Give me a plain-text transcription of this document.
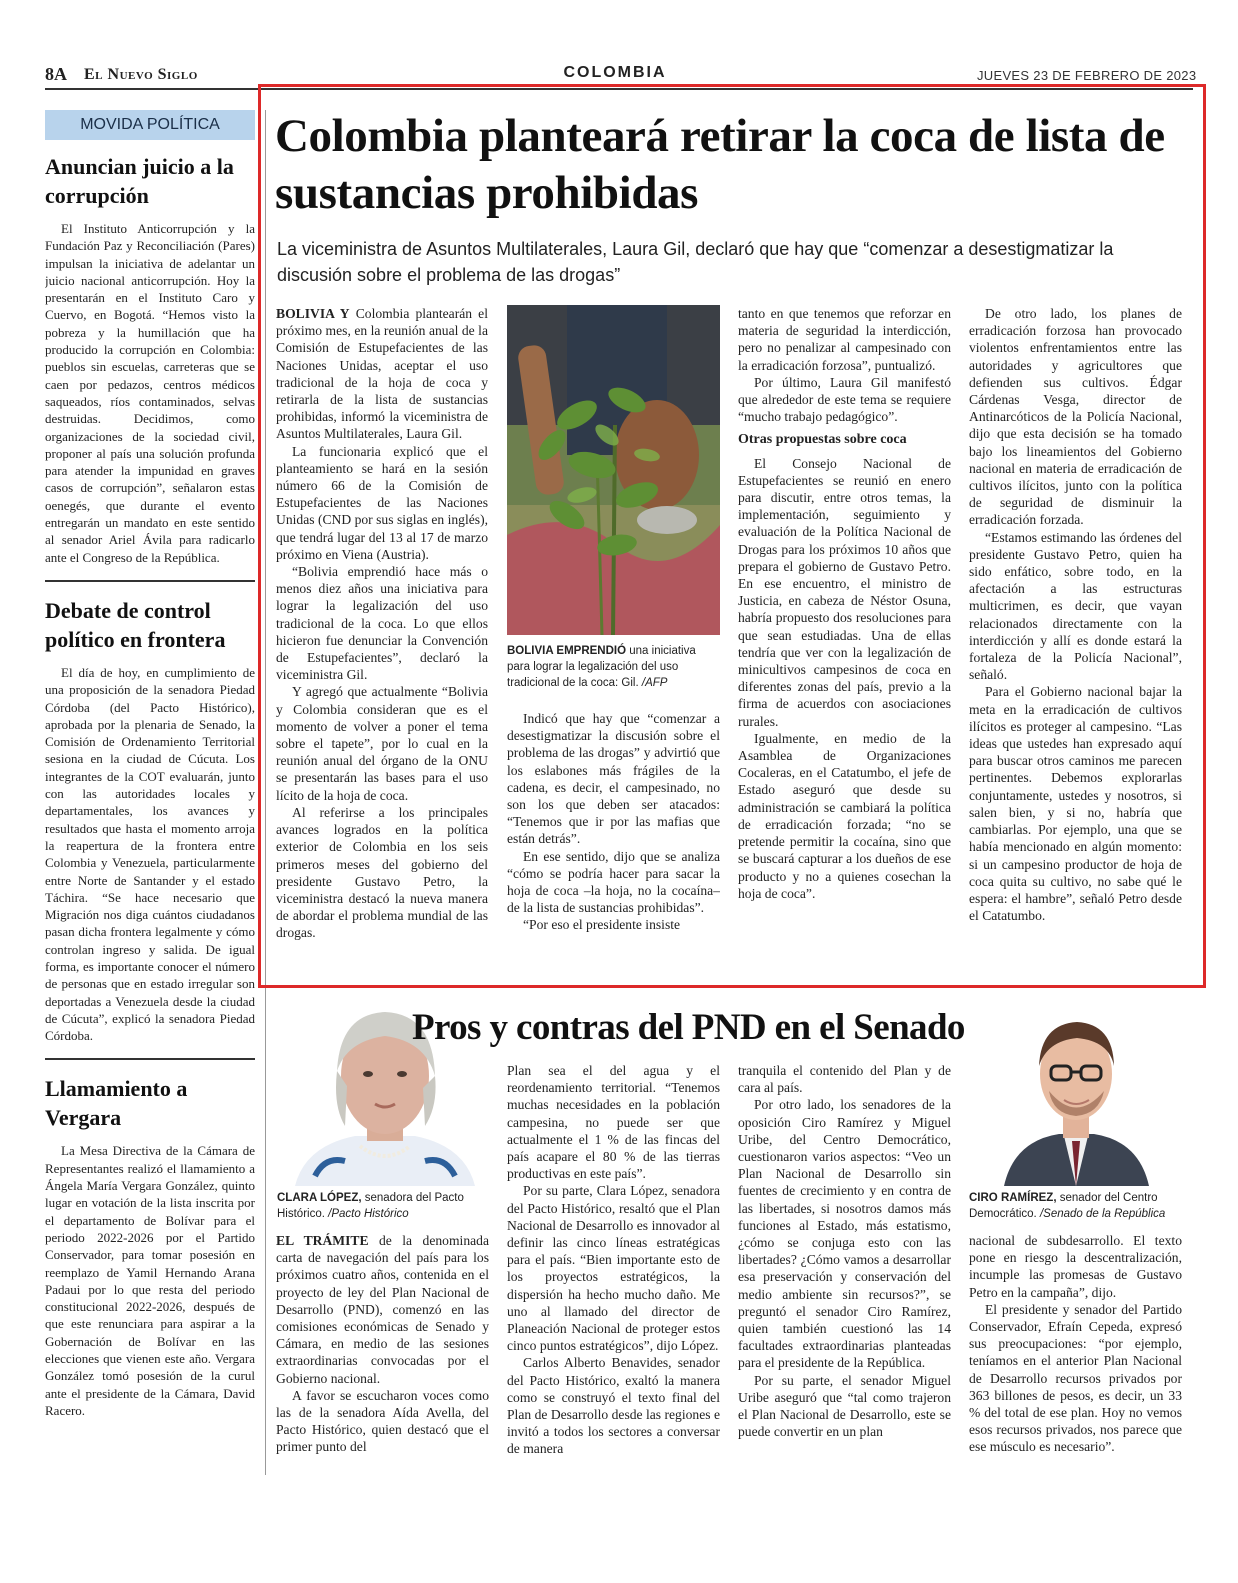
8A El Nuevo Siglo	COLOMBIA	JUEVES 23 DE FEBRERO DE 2023
MOVIDA POLÍTICA
Anuncian juicio a la corrupción

El Instituto Anticorrupción y la Fundación Paz y Reconciliación (Pares) impulsan la iniciativa de adelantar un juicio nacional anticorrupción. Hoy la presentarán en el Instituto Caro y Cuervo, en Bogotá. “Hemos visto la pobreza y la humillación que ha producido la corrupción en Colombia: pueblos sin escuelas, carreteras que se caen por pedazos, centros médicos saqueados, ríos contaminados, selvas destruidas. Decidimos, como organizaciones de la sociedad civil, proponer al país una solución profunda para atender la impunidad en graves casos de corrupción”, señalaron estas oenegés, que durante el evento entregarán un mandato en este sentido al senador Ariel Ávila para radicarlo ante el Congreso de la República.

Debate de control político en frontera

El día de hoy, en cumplimiento de una proposición de la senadora Piedad Córdoba (del Pacto Histórico), aprobada por la plenaria de Senado, la Comisión de Ordenamiento Territorial sesiona en la ciudad de Cúcuta. Los integrantes de la COT evaluarán, junto con las autoridades locales y departamentales, los avances y resultados que hasta el momento arroja la reapertura de la frontera entre Colombia y Venezuela, particularmente entre Norte de Santander y el estado Táchira. “Se hace necesario que Migración nos diga cuántos ciudadanos pasan dicha frontera legalmente y cómo controlan ingreso y salida. De igual forma, es importante conocer el número de personas que en estado irregular son deportadas a Venezuela desde la ciudad de Cúcuta”, explicó la senadora Piedad Córdoba.

Llamamiento a Vergara

La Mesa Directiva de la Cámara de Representantes realizó el llamamiento a Ángela María Vergara González, quinto lugar en votación de la lista inscrita por el departamento de Bolívar para el periodo 2022-2026 por el Partido Conservador, para tomar posesión en reemplazo de Yamil Hernando Arana Padaui por lo que resta del periodo constitucional 2022-2026, después de que este renunciara para aspirar a la Gobernación de Bolívar en las elecciones que vienen este año. Vergara González tomó posesión de la curul ante el presidente de la Cámara, David Racero.

Colombia planteará retirar la coca de lista de sustancias prohibidas
La viceministra de Asuntos Multilaterales, Laura Gil, declaró que hay que “comenzar a desestigmatizar la discusión sobre el problema de las drogas”

BOLIVIA Y Colombia plantearán el próximo mes, en la reunión anual de la Comisión de Estupefacientes de las Naciones Unidas, aceptar el uso tradicional de la hoja de coca y retirarla de la lista de sustancias prohibidas, informó la viceministra de Asuntos Multilaterales, Laura Gil.

La funcionaria explicó que el planteamiento se hará en la sesión número 66 de la Comisión de Estupefacientes de las Naciones Unidas (CND por sus siglas en inglés), que tendrá lugar del 13 al 17 de marzo próximo en Viena (Austria).

“Bolivia emprendió hace más o menos diez años una iniciativa para lograr la legalización del uso tradicional de la coca. Lo que ellos hicieron fue denunciar la Convención de Estupefacientes”, declaró la viceministra Gil.

Y agregó que actualmente “Bolivia y Colombia consideran que es el momento de volver a poner el tema sobre el tapete”, por lo cual en la reunión anual del órgano de la ONU se presentarán las bases para el uso lícito de la hoja de coca.

Al referirse a los principales avances logrados en la política exterior de Colombia en los seis primeros meses del gobierno del presidente Gustavo Petro, la viceministra destacó la nueva manera de abordar el problema mundial de las drogas.

BOLIVIA EMPRENDIÓ una iniciativa para lograr la legalización del uso tradicional de la coca: Gil. /AFP

Indicó que hay que “comenzar a desestigmatizar la discusión sobre el problema de las drogas” y advirtió que los eslabones más frágiles de la cadena, es decir, el campesinado, no son los que deben ser atacados: “Tenemos que ir por las mafias que están detrás”.

En ese sentido, dijo que se analiza “cómo se podría hacer para sacar la hoja de coca –la hoja, no la cocaína– de la lista de sustancias prohibidas”.

“Por eso el presidente insiste

tanto en que tenemos que reforzar en materia de seguridad la interdicción, pero no penalizar al campesinado con la erradicación forzosa”, puntualizó.

Por último, Laura Gil manifestó que alrededor de este tema se requiere “mucho trabajo pedagógico”.

Otras propuestas sobre coca

El Consejo Nacional de Estupefacientes se reunió en enero para discutir, entre otros temas, la implementación, seguimiento y evaluación de la Política Nacional de Drogas para los próximos 10 años que prepara el gobierno de Gustavo Petro. En ese encuentro, el ministro de Justicia, en cabeza de Néstor Osuna, habría propuesto dos resoluciones para que sean estudiadas. Una de ellas tendría que ver con la legalización de minicultivos campesinos de coca en diferentes zonas del país, previo a la firma de acuerdos con asociaciones rurales.

Igualmente, en medio de la Asamblea de Organizaciones Cocaleras, en el Catatumbo, el jefe de Estado aseguró que desde su administración se cambiará la política de erradicación forzada; “no se pretende permitir la cocaína, sino que se buscará capturar a los dueños de ese producto y no a quienes cosechan la hoja de coca”.

De otro lado, los planes de erradicación forzosa han provocado violentos enfrentamientos entre las autoridades y agricultores que defienden sus cultivos. Édgar Cárdenas Vesga, director de Antinarcóticos de la Policía Nacional, dijo que esta decisión se ha tomado bajo los lineamientos del Gobierno nacional en materia de erradicación de cultivos ilícitos, junto con la política de seguridad de disminuir la erradicación forzada.

“Estamos estimando las órdenes del presidente Gustavo Petro, quien ha sido enfático, sobre todo, en la afectación a las estructuras multicrimen, es decir, que vayan relacionados directamente con la interdicción y allí es donde estará la fortaleza de la Policía Nacional”, señaló.

Para el Gobierno nacional bajar la meta en la erradicación de cultivos ilícitos es proteger al campesino. “Las ideas que ustedes han expresado aquí para buscar otros caminos me parecen pertinentes. Debemos explorarlas conjuntamente, ustedes y nosotros, si salen bien, y si no, habría que cambiarlas. Por ejemplo, una que se había mencionado en algún momento: si un campesino productor de hoja de coca quita su cultivo, no sabe qué le espera: el hambre”, señaló Petro desde el Catatumbo.

CLARA LÓPEZ, senadora del Pacto Histórico. /Pacto Histórico
Pros y contras del PND en el Senado
CIRO RAMÍREZ, senador del Centro Democrático. /Senado de la República

EL TRÁMITE de la denominada carta de navegación del país para los próximos cuatro años, contenida en el proyecto de ley del Plan Nacional de Desarrollo (PND), comenzó en las comisiones económicas de Senado y Cámara, en medio de las sesiones extraordinarias convocadas por el Gobierno nacional.

A favor se escucharon voces como las de la senadora Aída Avella, del Pacto Histórico, quien destacó que el primer punto del

Plan sea el del agua y el reordenamiento territorial. “Tenemos muchas necesidades en la población campesina, no puede ser que actualmente el 1 % de las fincas del país acapare el 80 % de las tierras productivas en este país”.

Por su parte, Clara López, senadora del Pacto Histórico, resaltó que el Plan Nacional de Desarrollo es innovador al definir las cinco líneas estratégicas para el país. “Bien importante esto de los proyectos estratégicos, la dispersión ha hecho mucho daño. Me uno al llamado del director de Planeación Nacional de proteger estos cinco puntos estratégicos”, dijo López.

Carlos Alberto Benavides, senador del Pacto Histórico, exaltó la manera como se construyó el texto final del Plan de Desarrollo desde las regiones e invitó a todos los sectores a conversar de manera

tranquila el contenido del Plan y de cara al país.

Por otro lado, los senadores de la oposición Ciro Ramírez y Miguel Uribe, del Centro Democrático, cuestionaron varios aspectos: “Veo un Plan Nacional de Desarrollo sin fuentes de crecimiento y en contra de las libertades, si nosotros damos más funciones al Estado, más estatismo, ¿cómo se conjuga esto con las libertades? ¿Cómo vamos a desarrollar esa preservación y conservación del medio ambiente sin recursos?”, se preguntó el senador Ciro Ramírez, quien también cuestionó las 14 facultades extraordinarias planteadas para el presidente de la República.

Por su parte, el senador Miguel Uribe aseguró que “tal como trajeron el Plan Nacional de Desarrollo, este se puede convertir en un plan

nacional de subdesarrollo. El texto pone en riesgo la descentralización, incumple las promesas de Gustavo Petro en la campaña”, dijo.

El presidente y senador del Partido Conservador, Efraín Cepeda, expresó sus preocupaciones: “por ejemplo, teníamos en el anterior Plan Nacional de Desarrollo recursos privados por 363 billones de pesos, es decir, un 33 % del total de ese plan. Hoy no vemos esos recursos privados, nos parece que ese músculo es necesario”.
